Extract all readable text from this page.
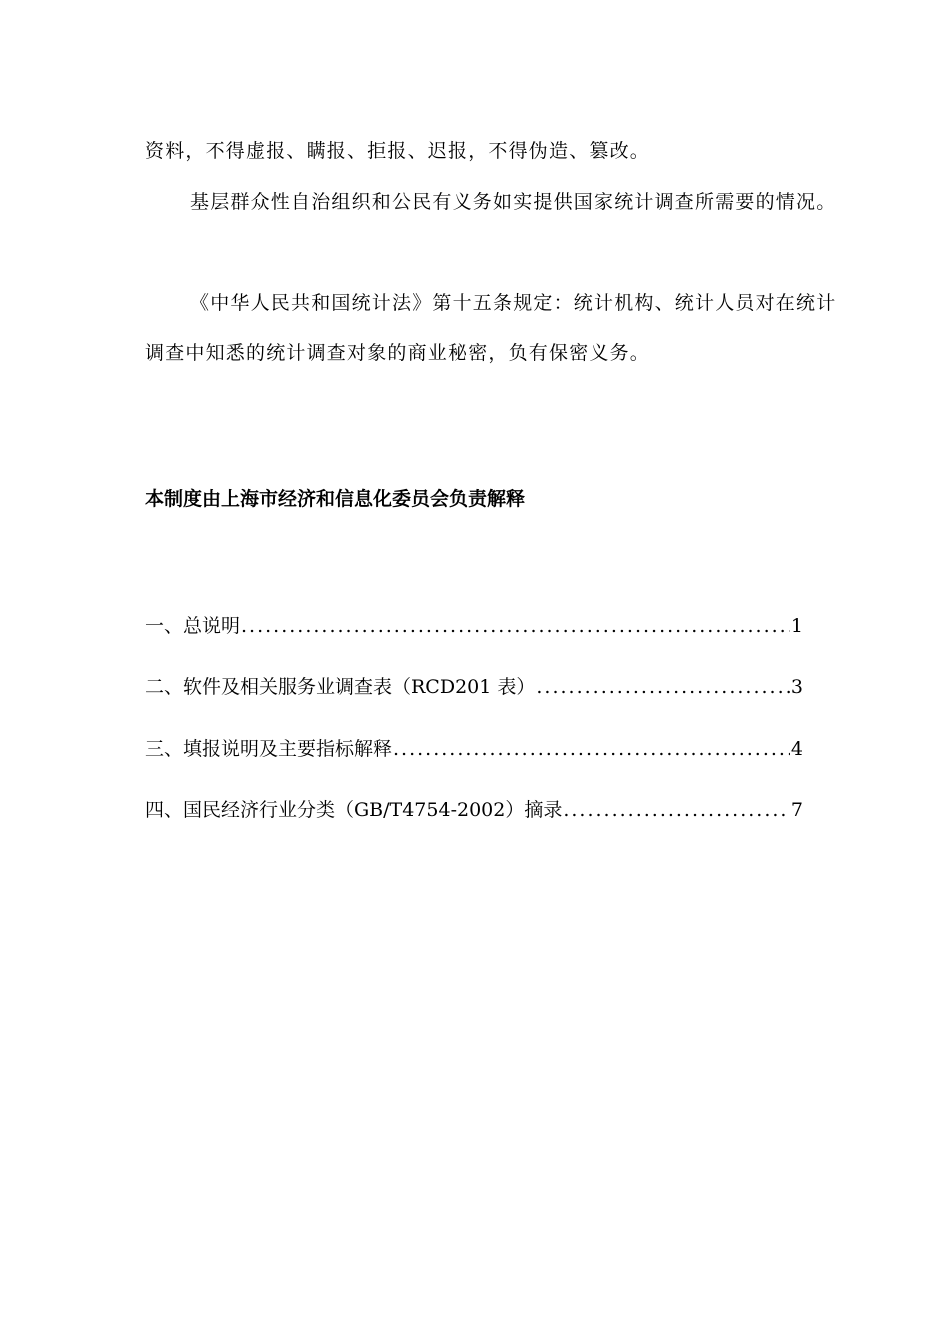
资料，不得虚报、瞒报、拒报、迟报，不得伪造、篡改。
基层群众性自治组织和公民有义务如实提供国家统计调查所需要的情况。
《中华人民共和国统计法》第十五条规定：统计机构、统计人员对在统计
调查中知悉的统计调查对象的商业秘密，负有保密义务。
本制度由上海市经济和信息化委员会负责解释
一、总说明 .....	1
二、软件及相关服务业调查表（RCD201 表） .....	3
三、填报说明及主要指标解释 .....	4
四、国民经济行业分类（GB/T4754-2002）摘录 .....	7
